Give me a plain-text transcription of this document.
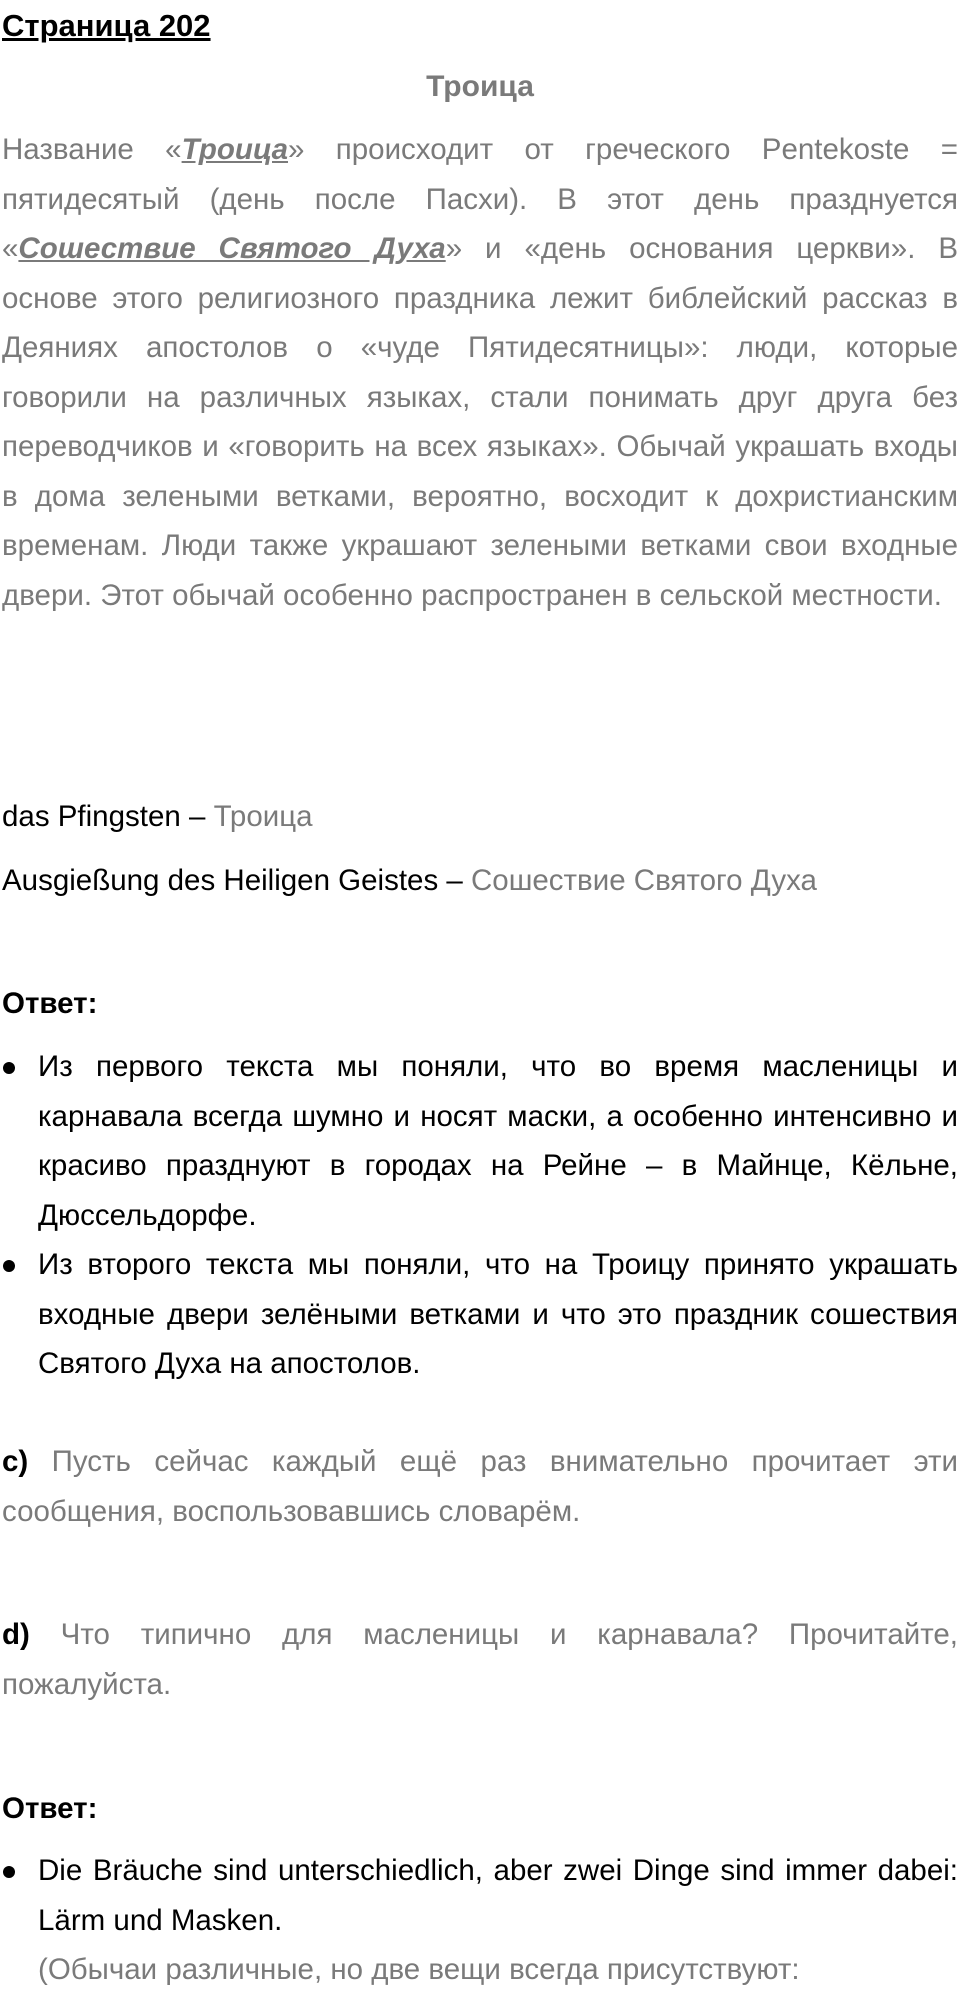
Страница 202
Троица

Название «Троица» происходит от греческого Pentekoste = пятидесятый (день после Пасхи). В этот день празднуется «Сошествие Святого Духа» и «день основания церкви». В основе этого религиозного праздника лежит библейский рассказ в Деяниях апостолов о «чуде Пятидесятницы»: люди, которые говорили на различных языках, стали понимать друг друга без переводчиков и «говорить на всех языках». Обычай украшать входы в дома зелеными ветками, вероятно, восходит к дохристианским временам. Люди также украшают зелеными ветками свои входные двери. Этот обычай особенно распространен в сельской местности.

das Pfingsten – Троица

Ausgießung des Heiligen Geistes – Сошествие Святого Духа

Ответ:

Из первого текста мы поняли, что во время масленицы и карнавала всегда шумно и носят маски, а особенно интенсивно и красиво празднуют в городах на Рейне – в Майнце, Кёльне, Дюссельдорфе.
Из второго текста мы поняли, что на Троицу принято украшать входные двери зелёными ветками и что это праздник сошествия Святого Духа на апостолов.

c) Пусть сейчас каждый ещё раз внимательно прочитает эти сообщения, воспользовавшись словарём.

d) Что типично для масленицы и карнавала? Прочитайте, пожалуйста.

Ответ:

Die Bräuche sind unterschiedlich, aber zwei Dinge sind immer dabei: Lärm und Masken.
(Обычаи различные, но две вещи всегда присутствуют:
